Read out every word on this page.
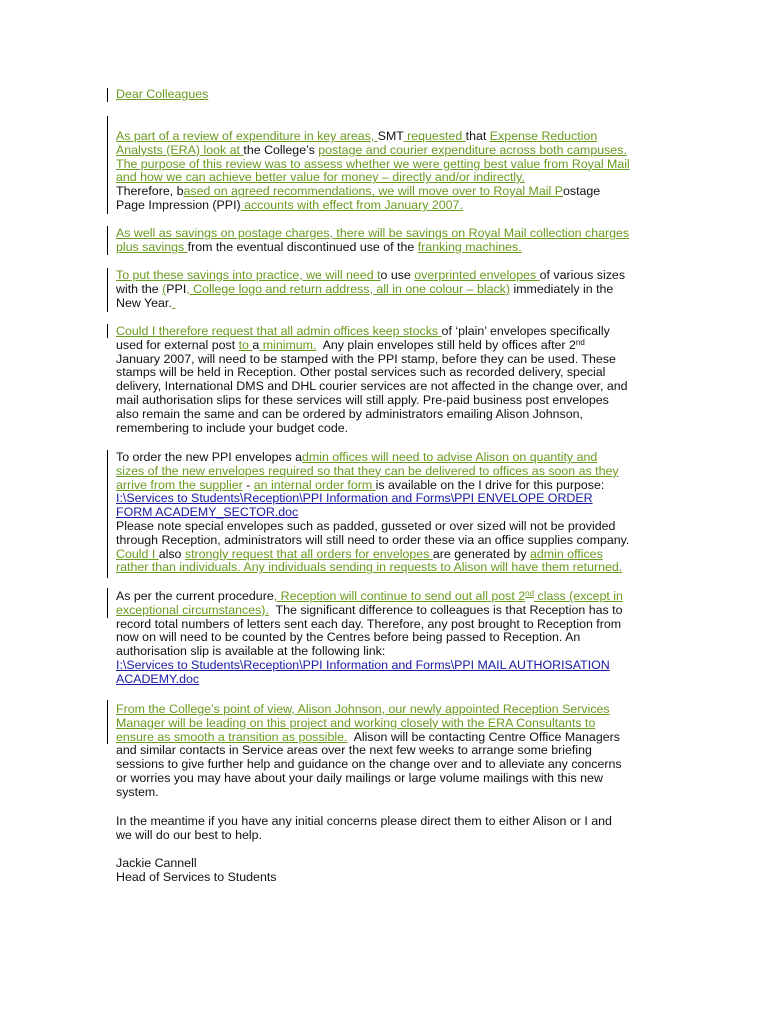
Dear Colleagues
As part of a review of expenditure in key areas, SMT requested that Expense Reduction
Analysts (ERA) look at the College’s postage and courier expenditure across both campuses.
The purpose of this review was to assess whether we were getting best value from Royal Mail
and how we can achieve better value for money – directly and/or indirectly.
Therefore, based on agreed recommendations, we will move over to Royal Mail Postage
Page Impression (PPI) accounts with effect from January 2007.
As well as savings on postage charges, there will be savings on Royal Mail collection charges
plus savings from the eventual discontinued use of the franking machines.
To put these savings into practice, we will need to use overprinted envelopes of various sizes
with the (PPI, College logo and return address, all in one colour – black) immediately in the
New Year.
Could I therefore request that all admin offices keep stocks of ‘plain’ envelopes specifically
used for external post to a minimum.  Any plain envelopes still held by offices after 2nd
January 2007, will need to be stamped with the PPI stamp, before they can be used. These
stamps will be held in Reception. Other postal services such as recorded delivery, special
delivery, International DMS and DHL courier services are not affected in the change over, and
mail authorisation slips for these services will still apply. Pre-paid business post envelopes
also remain the same and can be ordered by administrators emailing Alison Johnson,
remembering to include your budget code.
To order the new PPI envelopes admin offices will need to advise Alison on quantity and
sizes of the new envelopes required so that they can be delivered to offices as soon as they
arrive from the supplier - an internal order form is available on the I drive for this purpose:
I:\Services to Students\Reception\PPI Information and Forms\PPI ENVELOPE ORDER
FORM ACADEMY_SECTOR.doc
Please note special envelopes such as padded, gusseted or over sized will not be provided
through Reception, administrators will still need to order these via an office supplies company.
Could I also strongly request that all orders for envelopes are generated by admin offices
rather than individuals. Any individuals sending in requests to Alison will have them returned.
As per the current procedure, Reception will continue to send out all post 2nd class (except in
exceptional circumstances).  The significant difference to colleagues is that Reception has to
record total numbers of letters sent each day. Therefore, any post brought to Reception from
now on will need to be counted by the Centres before being passed to Reception. An
authorisation slip is available at the following link:
I:\Services to Students\Reception\PPI Information and Forms\PPI MAIL AUTHORISATION
ACADEMY.doc
From the College’s point of view, Alison Johnson, our newly appointed Reception Services
Manager will be leading on this project and working closely with the ERA Consultants to
ensure as smooth a transition as possible.  Alison will be contacting Centre Office Managers
and similar contacts in Service areas over the next few weeks to arrange some briefing
sessions to give further help and guidance on the change over and to alleviate any concerns
or worries you may have about your daily mailings or large volume mailings with this new
system.
In the meantime if you have any initial concerns please direct them to either Alison or I and
we will do our best to help.
Jackie Cannell
Head of Services to Students
